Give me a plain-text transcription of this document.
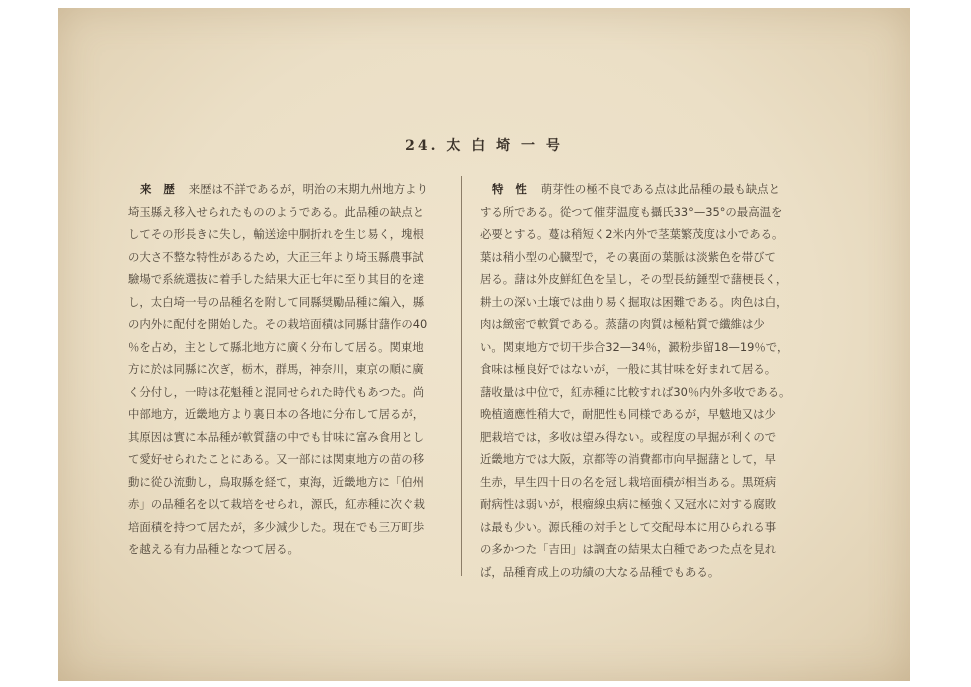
24. 太 白 埼 一 号
来 歴 来歴は不詳であるが，明治の末期九州地方より
埼玉縣え移入せられたもののようである。此品種の缺点と
してその形長きに失し，輸送途中胴折れを生じ易く，塊根
の大さ不整な特性があるため，大正三年より埼玉縣農事試
驗場で系統選抜に着手した結果大正七年に至り其目的を達
し，太白埼一号の品種名を附して同縣奨勵品種に編入，縣
の内外に配付を開始した。その栽培面積は同縣甘藷作の40
％を占め，主として縣北地方に廣く分布して居る。関東地
方に於は同縣に次ぎ，栃木，群馬，神奈川，東京の順に廣
く分付し，一時は花魁種と混同せられた時代もあつた。尚
中部地方，近畿地方より裏日本の各地に分布して居るが，
其原因は實に本品種が軟質藷の中でも甘味に富み食用とし
て愛好せられたことにある。又一部には関東地方の苗の移
動に從ひ流動し，鳥取縣を経て，東海，近畿地方に「伯州
赤」の品種名を以て栽培をせられ，源氏，紅赤種に次ぐ栽
培面積を持つて居たが，多少減少した。現在でも三万町歩
を越える有力品種となつて居る。
特 性 萌芽性の極不良である点は此品種の最も缺点と
する所である。從つて催芽温度も攝氏33°—35°の最高温を
必要とする。蔓は稍短く2米内外で茎葉繁茂度は小である。
葉は稍小型の心臓型で，その裏面の葉脈は淡紫色を帯びて
居る。藷は外皮鮮紅色を呈し，その型長紡錘型で藷梗長く，
耕土の深い土壌では曲り易く掘取は困難である。肉色は白，
肉は緻密で軟質である。蒸藷の肉質は極粘質で纖維は少
い。関東地方で切干歩合32—34％，澱粉歩留18—19％で，
食味は極良好ではないが，一般に其甘味を好まれて居る。
藷收量は中位で，紅赤種に比較すれば30％内外多收である。
晩植適應性稍大で，耐肥性も同様であるが，早魃地又は少
肥栽培では，多收は望み得ない。或程度の早掘が利くので
近畿地方では大阪，京都等の消費都市向早掘藷として，早
生赤，早生四十日の名を冠し栽培面積が相当ある。黒斑病
耐病性は弱いが，根瘤線虫病に極強く又冠水に対する腐敗
は最も少い。源氏種の対手として交配母本に用ひられる事
の多かつた「吉田」は調査の結果太白種であつた点を見れ
ば，品種育成上の功績の大なる品種でもある。
